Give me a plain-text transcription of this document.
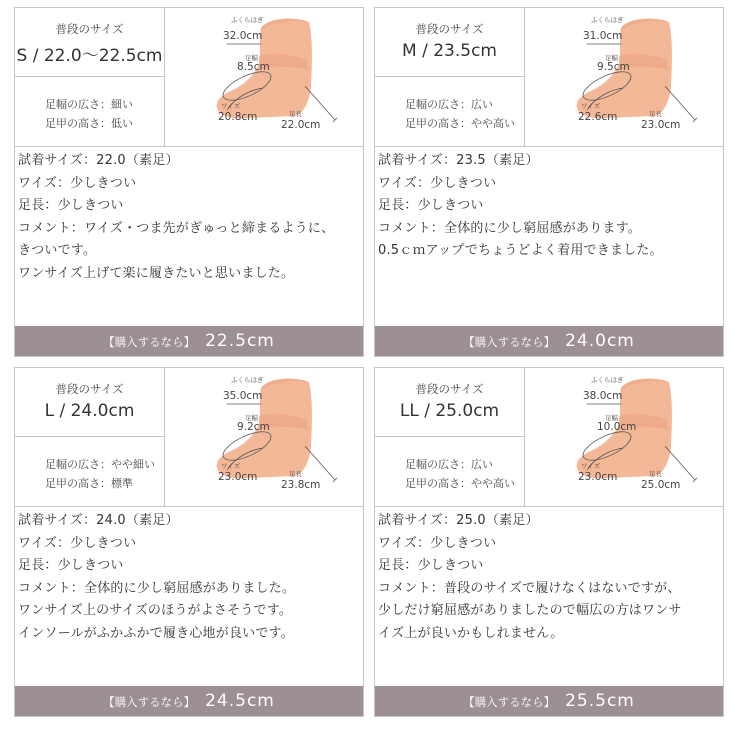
普段のサイズ
S / 22.0〜22.5cm
足幅の広さ：細い
足甲の高さ：低い
ふくらはぎ
32.0cm
足幅
8.5cm
ワイズ
20.8cm	足長
22.0cm
試着サイズ：22.0（素足）
ワイズ：少しきつい
足長：少しきつい
コメント：ワイズ・つま先がぎゅっと締まるように、
きついです。
ワンサイズ上げて楽に履きたいと思いました。
【購入するなら】 22.5cm
普段のサイズ
M / 23.5cm
足幅の広さ：広い
足甲の高さ：やや高い
ふくらはぎ
31.0cm
足幅
9.5cm
ワイズ
22.6cm	足長
23.0cm
試着サイズ：23.5（素足）
ワイズ：少しきつい
足長：少しきつい
コメント：全体的に少し窮屈感があります。
0.5ｃｍアップでちょうどよく着用できました。
【購入するなら】 24.0cm
普段のサイズ
L / 24.0cm
足幅の広さ：やや細い
足甲の高さ：標準
ふくらはぎ
35.0cm
足幅
9.2cm
ワイズ
23.0cm	足長
23.8cm
試着サイズ：24.0（素足）
ワイズ：少しきつい
足長：少しきつい
コメント：全体的に少し窮屈感がありました。
ワンサイズ上のサイズのほうがよさそうです。
インソールがふかふかで履き心地が良いです。
【購入するなら】 24.5cm
普段のサイズ
LL / 25.0cm
足幅の広さ：広い
足甲の高さ：やや高い
ふくらはぎ
38.0cm
足幅
10.0cm
ワイズ
23.0cm	足長
25.0cm
試着サイズ：25.0（素足）
ワイズ：少しきつい
足長：少しきつい
コメント：普段のサイズで履けなくはないですが、
少しだけ窮屈感がありましたので幅広の方はワンサ
イズ上が良いかもしれません。
【購入するなら】 25.5cm
